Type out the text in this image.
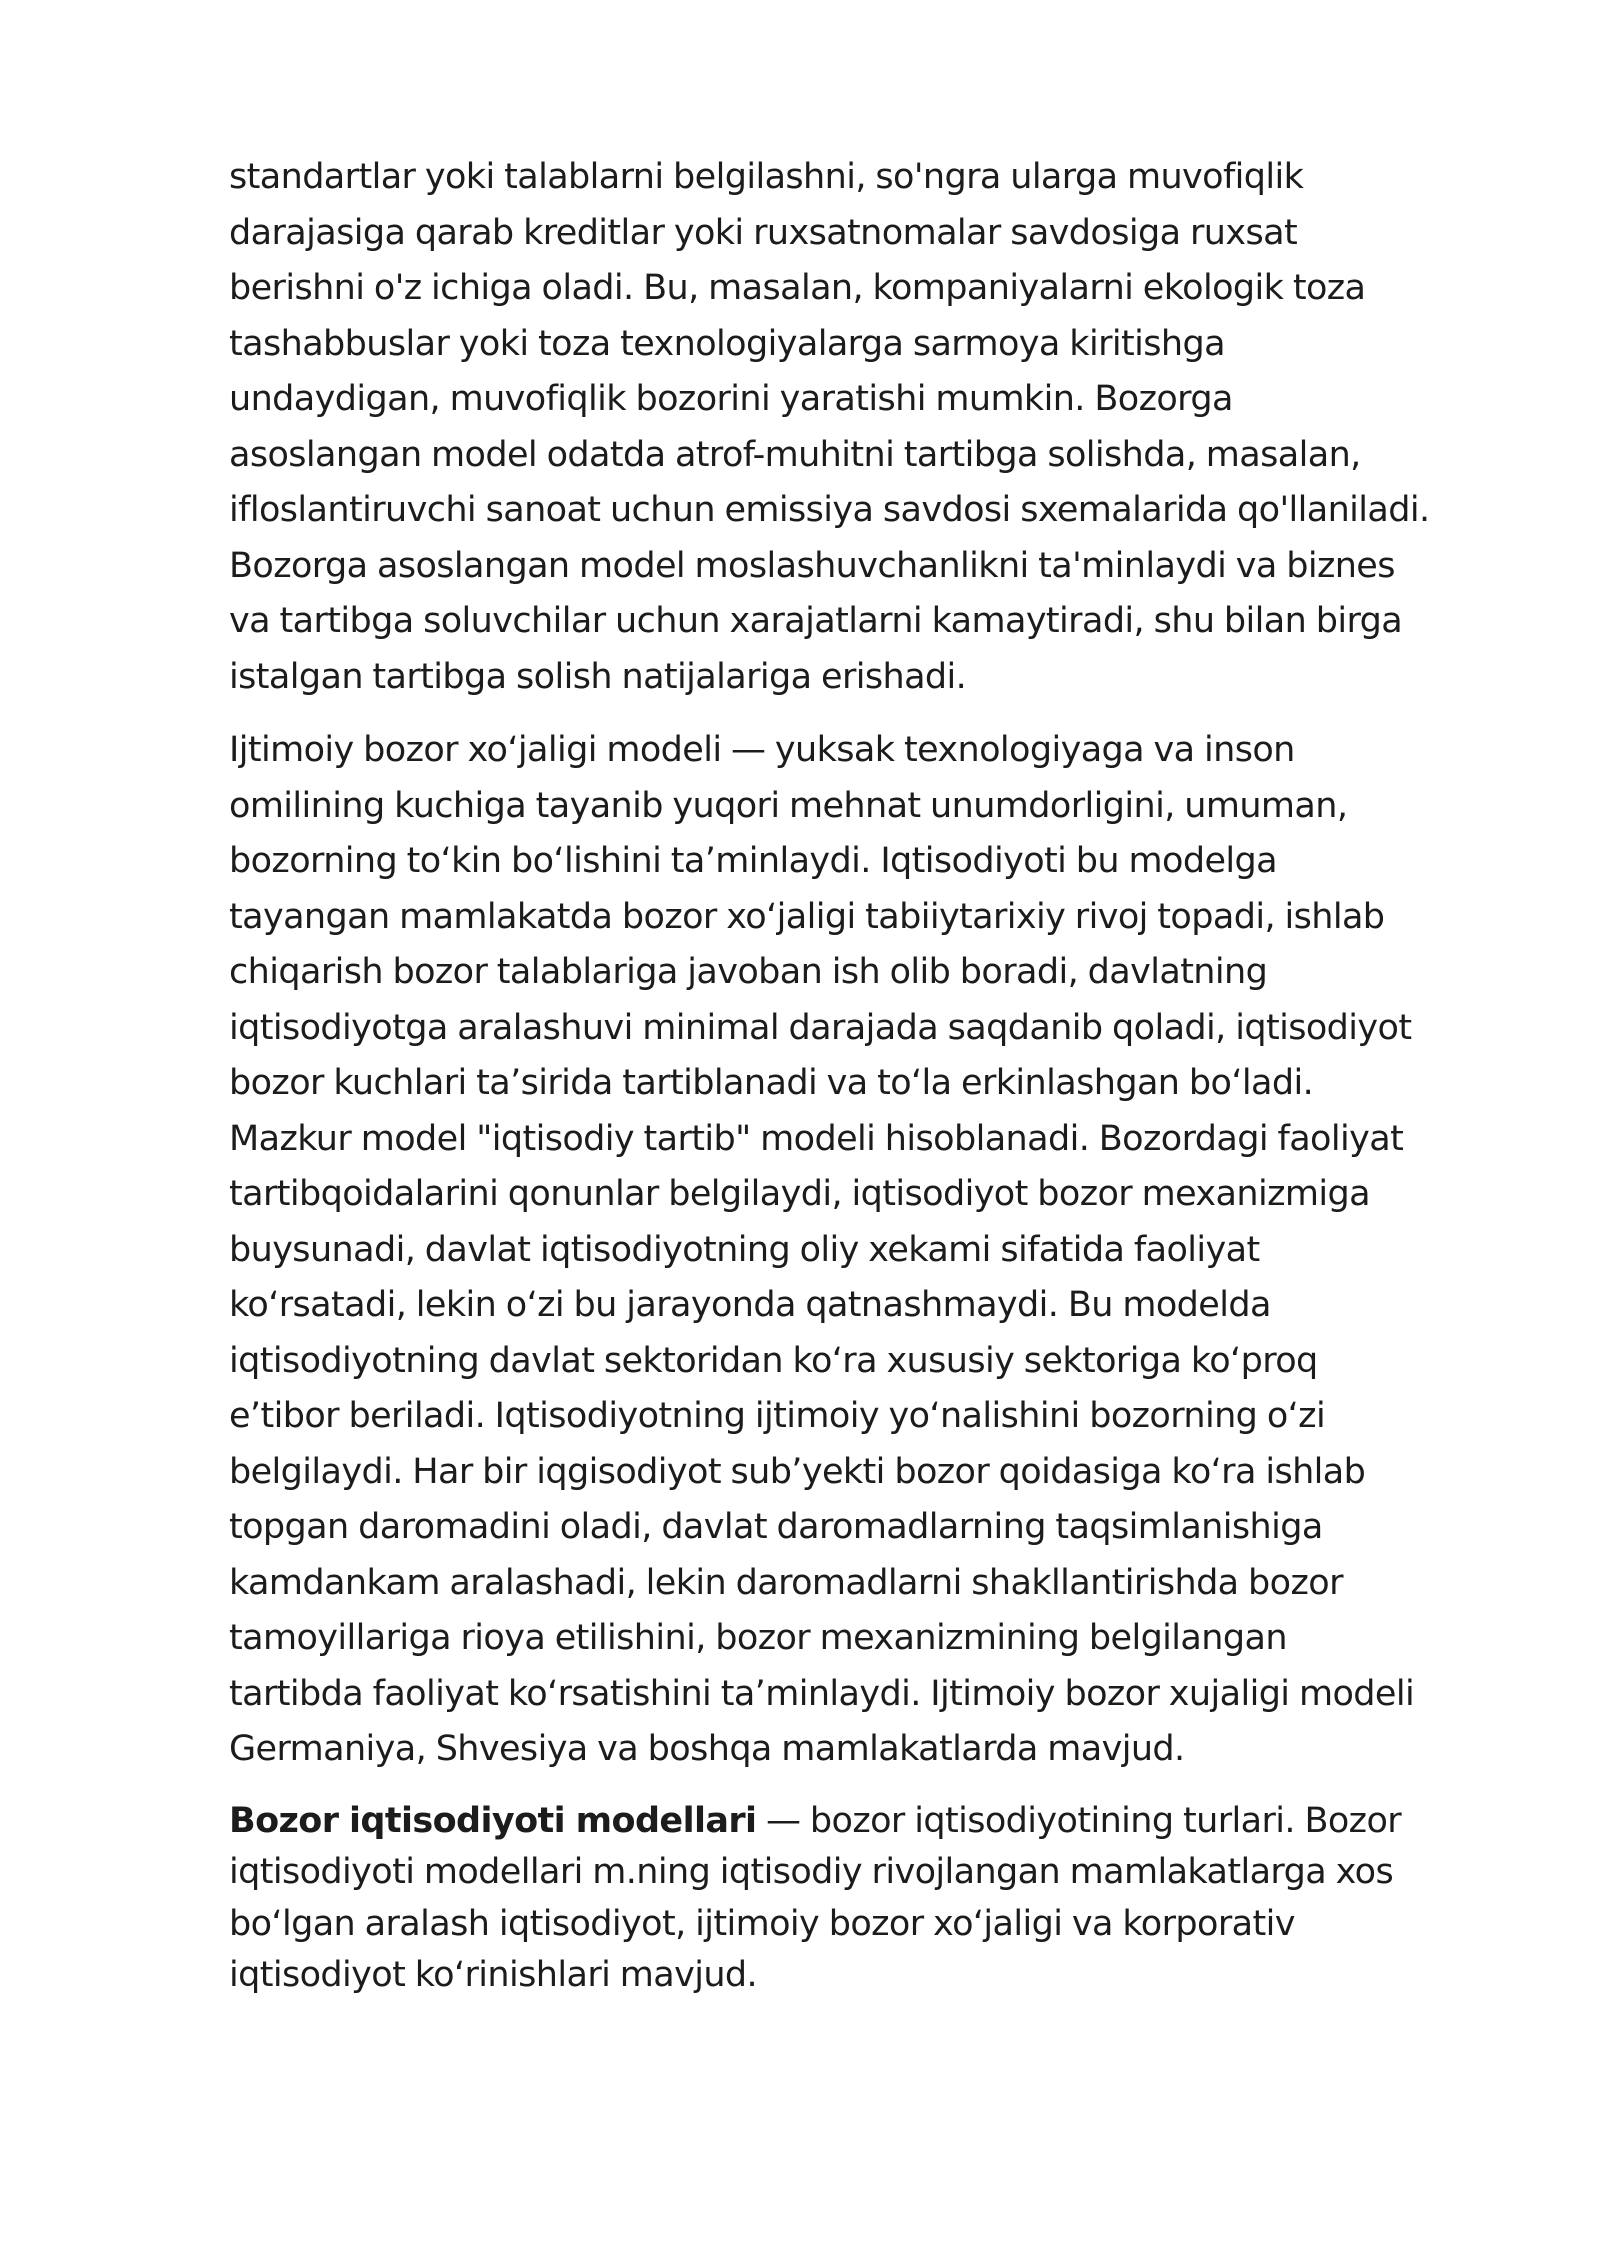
standartlar yoki talablarni belgilashni, so'ngra ularga muvofiqlik
darajasiga qarab kreditlar yoki ruxsatnomalar savdosiga ruxsat
berishni o'z ichiga oladi. Bu, masalan, kompaniyalarni ekologik toza
tashabbuslar yoki toza texnologiyalarga sarmoya kiritishga
undaydigan, muvofiqlik bozorini yaratishi mumkin. Bozorga
asoslangan model odatda atrof-muhitni tartibga solishda, masalan,
ifloslantiruvchi sanoat uchun emissiya savdosi sxemalarida qo'llaniladi.
Bozorga asoslangan model moslashuvchanlikni ta'minlaydi va biznes
va tartibga soluvchilar uchun xarajatlarni kamaytiradi, shu bilan birga
istalgan tartibga solish natijalariga erishadi.

Ijtimoiy bozor xoʻjaligi modeli — yuksak texnologiyaga va inson
omilining kuchiga tayanib yuqori mehnat unumdorligini, umuman,
bozorning toʻkin boʻlishini taʼminlaydi. Iqtisodiyoti bu modelga
tayangan mamlakatda bozor xoʻjaligi tabiiytarixiy rivoj topadi, ishlab
chiqarish bozor talablariga javoban ish olib boradi, davlatning
iqtisodiyotga aralashuvi minimal darajada saqdanib qoladi, iqtisodiyot
bozor kuchlari taʼsirida tartiblanadi va toʻla erkinlashgan boʻladi.
Mazkur model "iqtisodiy tartib" modeli hisoblanadi. Bozordagi faoliyat
tartibqoidalarini qonunlar belgilaydi, iqtisodiyot bozor mexanizmiga
buysunadi, davlat iqtisodiyotning oliy xekami sifatida faoliyat
koʻrsatadi, lekin oʻzi bu jarayonda qatnashmaydi. Bu modelda
iqtisodiyotning davlat sektoridan koʻra xususiy sektoriga koʻproq
eʼtibor beriladi. Iqtisodiyotning ijtimoiy yoʻnalishini bozorning oʻzi
belgilaydi. Har bir iqgisodiyot subʼyekti bozor qoidasiga koʻra ishlab
topgan daromadini oladi, davlat daromadlarning taqsimlanishiga
kamdankam aralashadi, lekin daromadlarni shakllantirishda bozor
tamoyillariga rioya etilishini, bozor mexanizmining belgilangan
tartibda faoliyat koʻrsatishini taʼminlaydi. Ijtimoiy bozor xujaligi modeli
Germaniya, Shvesiya va boshqa mamlakatlarda mavjud.

Bozor iqtisodiyoti modellari — bozor iqtisodiyotining turlari. Bozor
iqtisodiyoti modellari m.ning iqtisodiy rivojlangan mamlakatlarga xos
boʻlgan aralash iqtisodiyot, ijtimoiy bozor xoʻjaligi va korporativ
iqtisodiyot koʻrinishlari mavjud.
